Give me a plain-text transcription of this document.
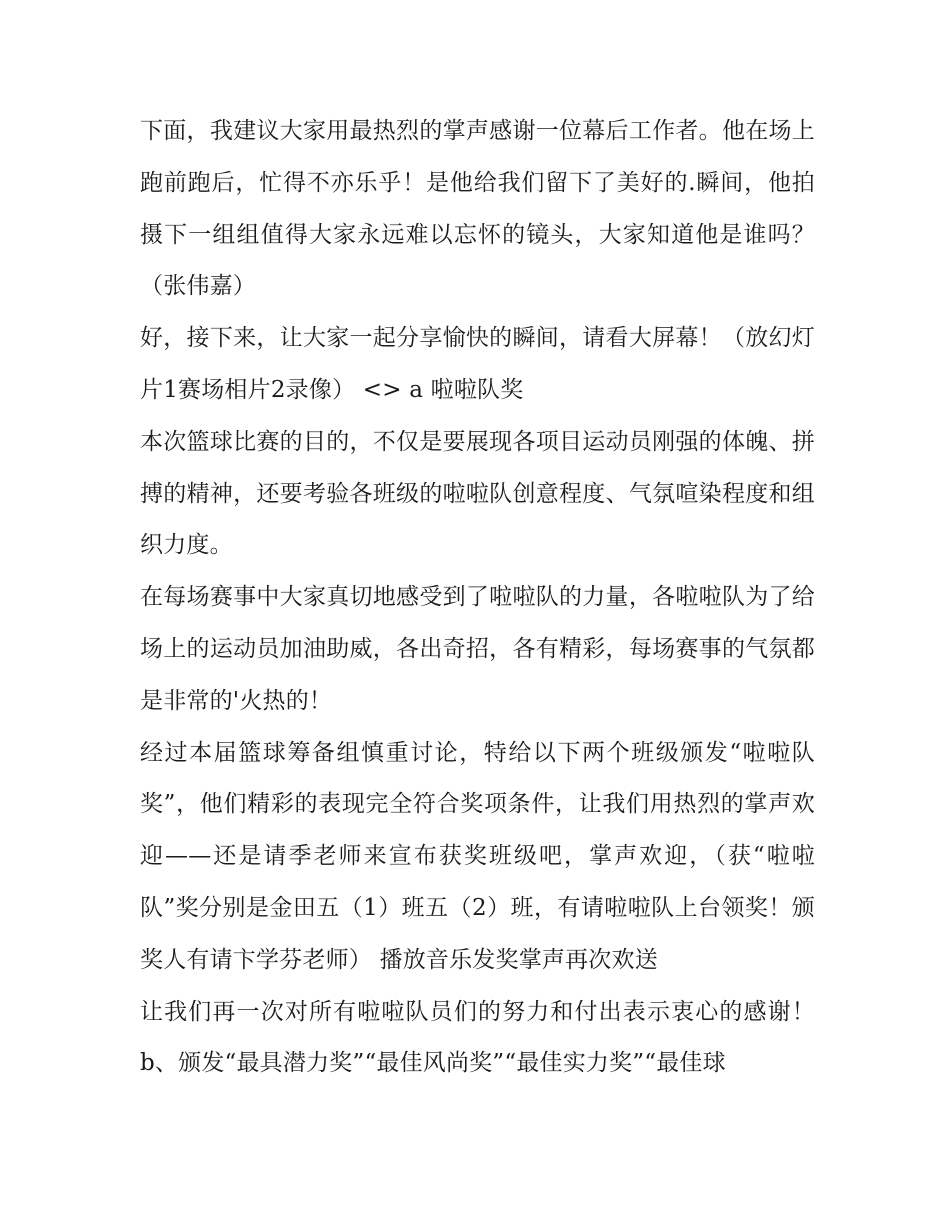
下面，我建议大家用最热烈的掌声感谢一位幕后工作者。他在场上跑前跑后，忙得不亦乐乎！是他给我们留下了美好的.瞬间，他拍摄下一组组值得大家永远难以忘怀的镜头，大家知道他是谁吗？（张伟嘉）

好，接下来，让大家一起分享愉快的瞬间，请看大屏幕！（放幻灯片1赛场相片2录像） <> a 啦啦队奖

本次篮球比赛的目的，不仅是要展现各项目运动员刚强的体魄、拼搏的精神，还要考验各班级的啦啦队创意程度、气氛喧染程度和组织力度。

在每场赛事中大家真切地感受到了啦啦队的力量，各啦啦队为了给场上的运动员加油助威，各出奇招，各有精彩，每场赛事的气氛都是非常的'火热的！

经过本届篮球筹备组慎重讨论，特给以下两个班级颁发“啦啦队奖”，他们精彩的表现完全符合奖项条件，让我们用热烈的掌声欢迎——还是请季老师来宣布获奖班级吧，掌声欢迎，（获“啦啦队”奖分别是金田五（1）班五（2）班，有请啦啦队上台领奖！颁奖人有请卞学芬老师） 播放音乐发奖掌声再次欢送

让我们再一次对所有啦啦队员们的努力和付出表示衷心的感谢！ b、颁发“最具潜力奖”“最佳风尚奖”“最佳实力奖”“最佳球
